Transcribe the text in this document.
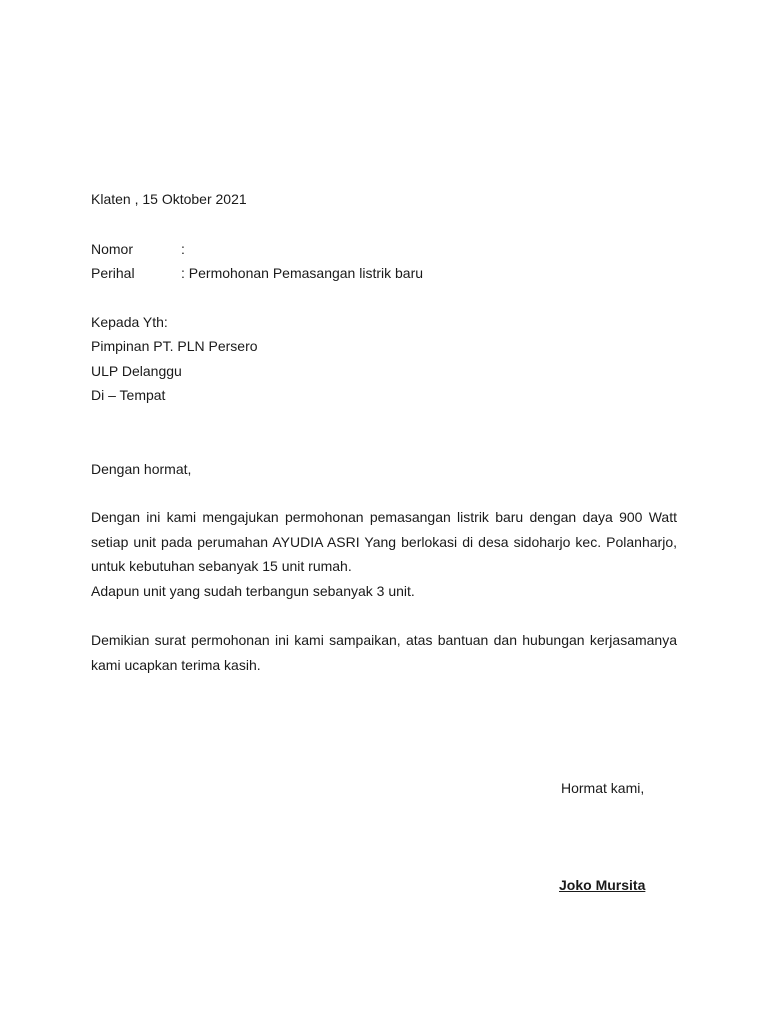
Klaten , 15 Oktober 2021
Nomor	:
Perihal	: Permohonan Pemasangan listrik baru
Kepada Yth:
Pimpinan PT. PLN Persero
ULP Delanggu
Di – Tempat
Dengan hormat,
Dengan ini kami mengajukan permohonan pemasangan listrik baru dengan daya 900 Watt
setiap unit pada perumahan AYUDIA ASRI Yang berlokasi di desa sidoharjo kec. Polanharjo,
untuk kebutuhan sebanyak 15 unit rumah.
Adapun unit yang sudah terbangun sebanyak 3 unit.
Demikian surat permohonan ini kami sampaikan, atas bantuan dan hubungan kerjasamanya
kami ucapkan terima kasih.
Hormat kami,
Joko Mursita
